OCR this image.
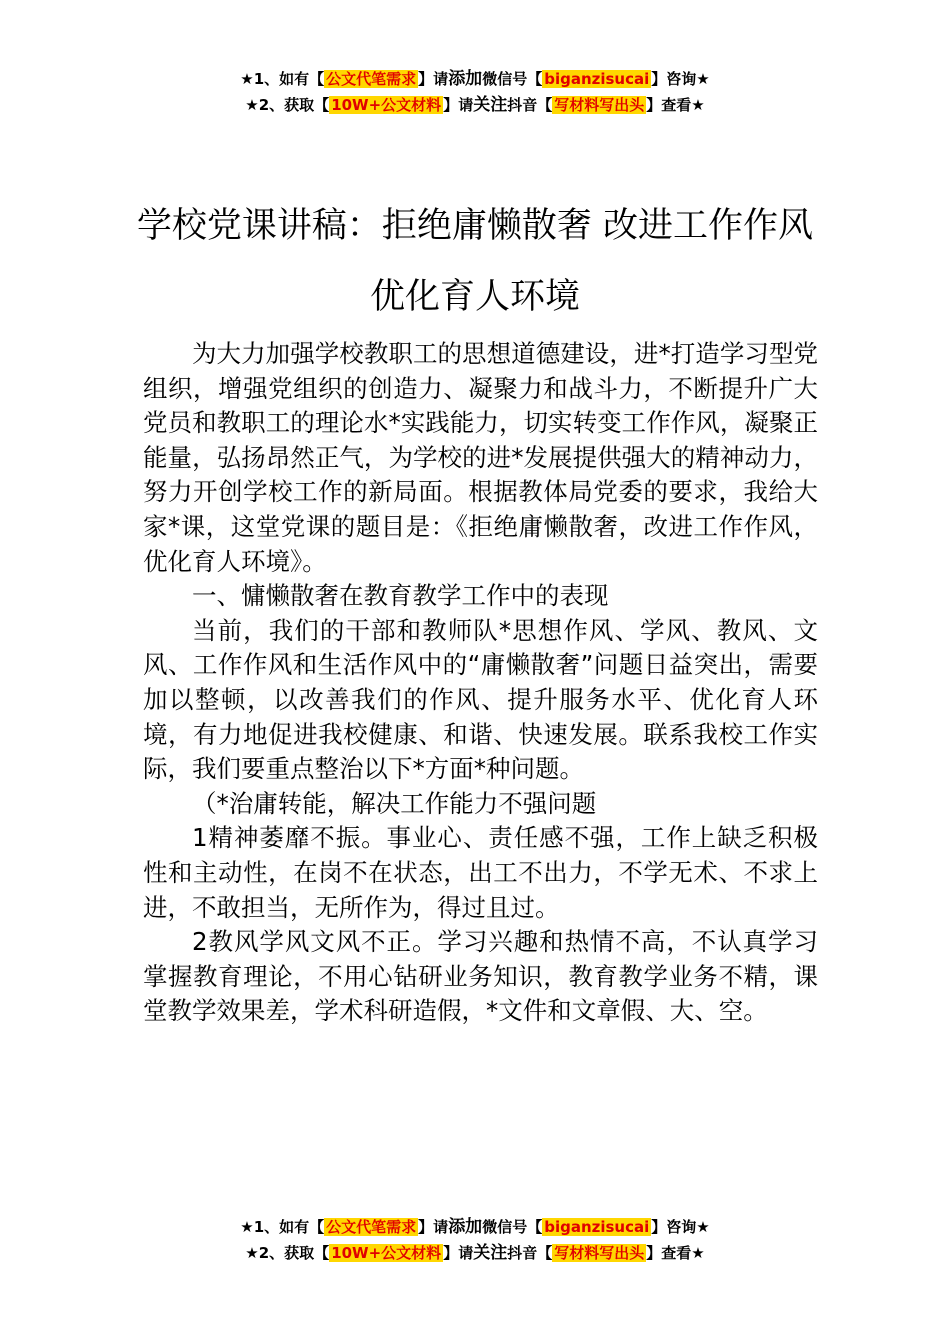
★1、如有【 公文代笔需求 】请添加微信号【 biganzisucai 】咨询★
★2、获取【 10W+公文材料 】请关注抖音【 写材料写出头 】查看★
学校党课讲稿：拒绝庸懒散奢 改进工作作风 优化育人环境

为大力加强学校教职工的思想道德建设，进*打造学习型党组织，增强党组织的创造力、凝聚力和战斗力，不断提升广大党员和教职工的理论水*实践能力，切实转变工作作风，凝聚正能量，弘扬昂然正气，为学校的进*发展提供强大的精神动力，努力开创学校工作的新局面。根据教体局党委的要求，我给大家*课，这堂党课的题目是：《拒绝庸懒散奢，改进工作作风，优化育人环境》。

一、慵懒散奢在教育教学工作中的表现

当前，我们的干部和教师队*思想作风、学风、教风、文风、工作作风和生活作风中的“庸懒散奢”问题日益突出，需要加以整顿，以改善我们的作风、提升服务水平、优化育人环境，有力地促进我校健康、和谐、快速发展。联系我校工作实际，我们要重点整治以下*方面*种问题。

（*治庸转能，解决工作能力不强问题

1精神萎靡不振。事业心、责任感不强，工作上缺乏积极性和主动性，在岗不在状态，出工不出力，不学无术、不求上进，不敢担当，无所作为，得过且过。

2教风学风文风不正。学习兴趣和热情不高，不认真学习掌握教育理论，不用心钻研业务知识，教育教学业务不精，课堂教学效果差，学术科研造假，*文件和文章假、大、空。

★1、如有【 公文代笔需求 】请添加微信号【 biganzisucai 】咨询★
★2、获取【 10W+公文材料 】请关注抖音【 写材料写出头 】查看★
